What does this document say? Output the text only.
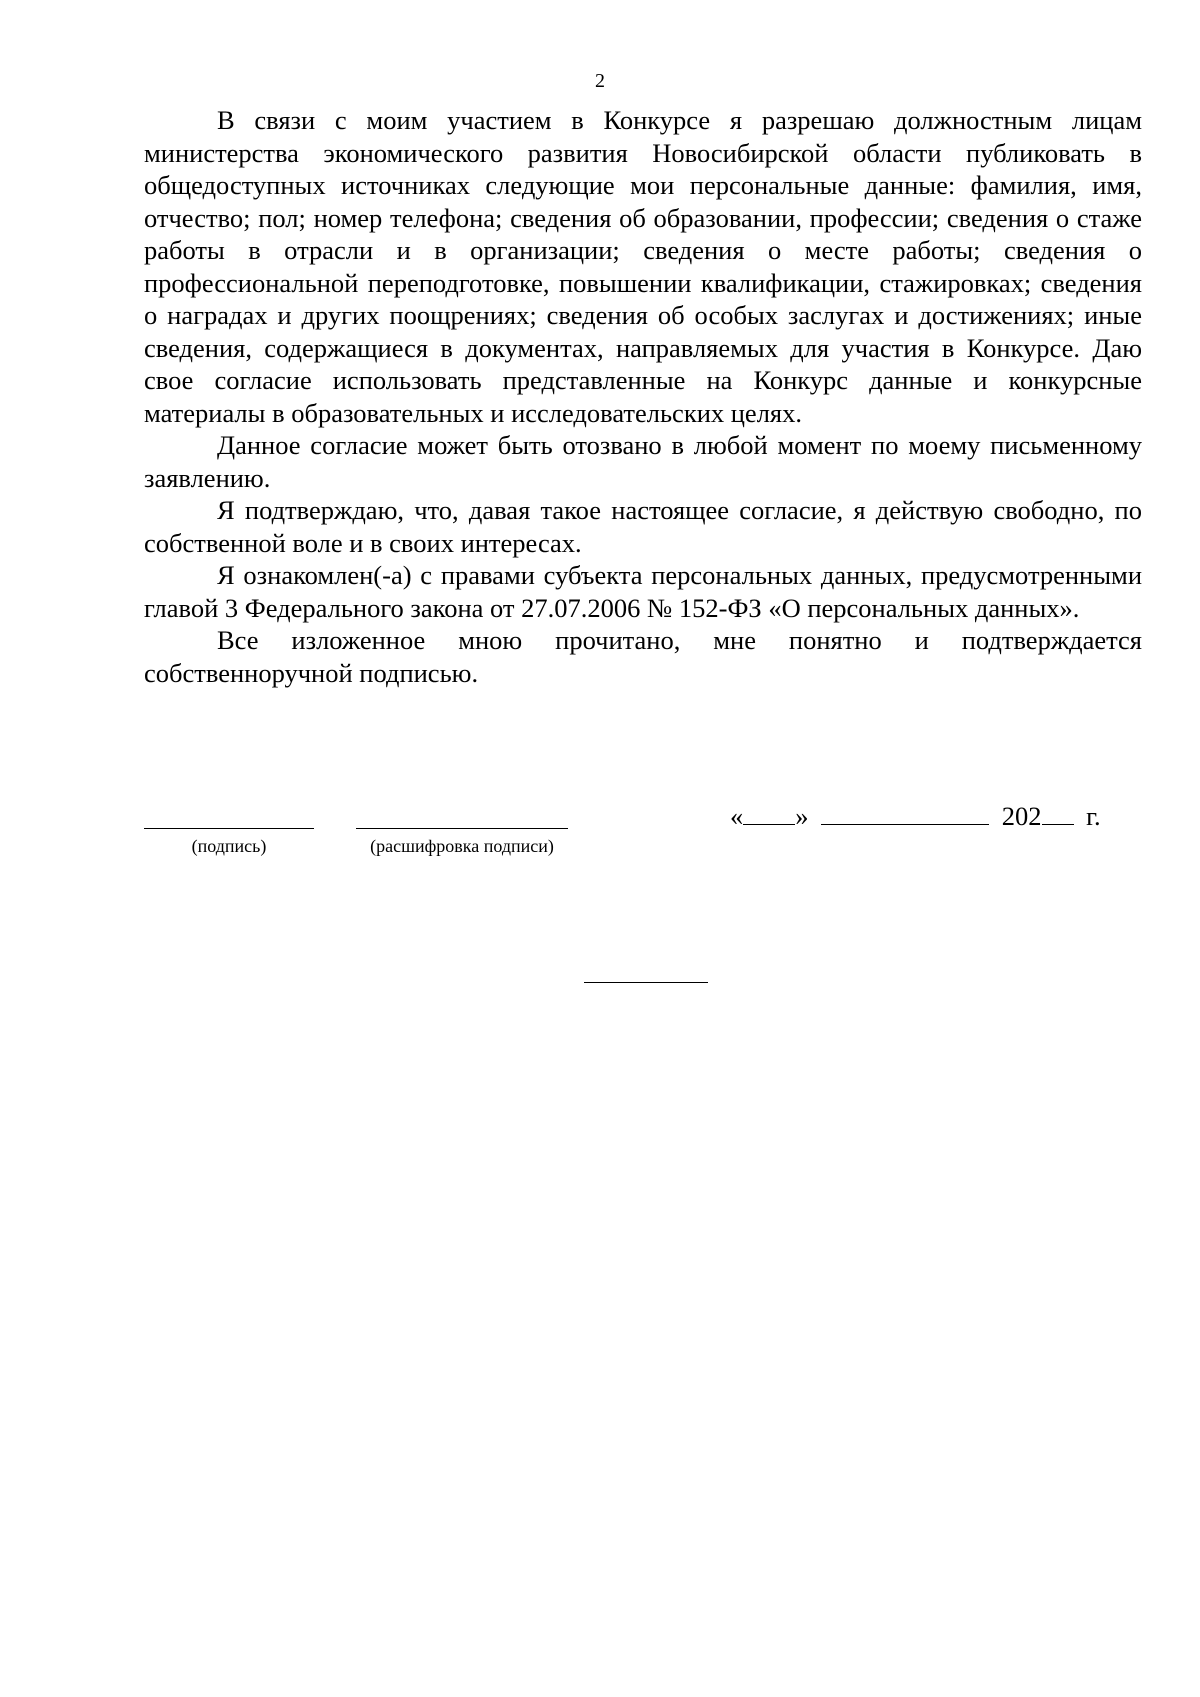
2

В связи с моим участием в Конкурсе я разрешаю должностным лицам министерства экономического развития Новосибирской области публиковать в общедоступных источниках следующие мои персональные данные: фамилия, имя, отчество; пол; номер телефона; сведения об образовании, профессии; сведения о стаже работы в отрасли и в организации; сведения о месте работы; сведения о профессиональной переподготовке, повышении квалификации, стажировках; сведения о наградах и других поощрениях; сведения об особых заслугах и достижениях; иные сведения, содержащиеся в документах, направляемых для участия в Конкурсе. Даю свое согласие использовать представленные на Конкурс данные и конкурсные материалы в образовательных и исследовательских целях.

Данное согласие может быть отозвано в любой момент по моему письменному заявлению.

Я подтверждаю, что, давая такое настоящее согласие, я действую свободно, по собственной воле и в своих интересах.

Я ознакомлен(-а) с правами субъекта персональных данных, предусмотренными главой 3 Федерального закона от 27.07.2006 № 152-ФЗ «О персональных данных».

Все изложенное мною прочитано, мне понятно и подтверждается собственноручной подписью.

(подпись)	(расшифровка подписи)
« »	202 г.
